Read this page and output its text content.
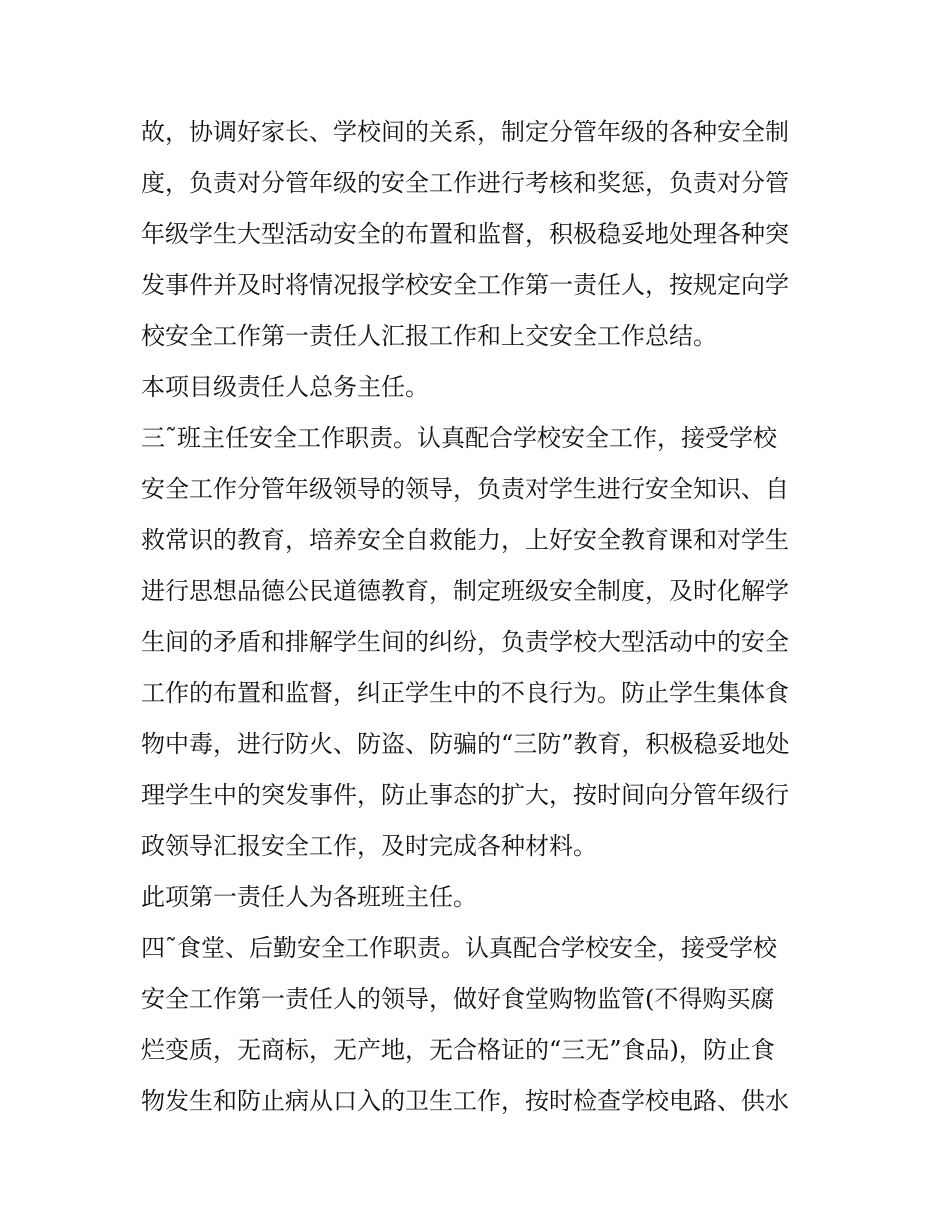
故，协调好家长、学校间的关系，制定分管年级的各种安全制
度，负责对分管年级的安全工作进行考核和奖惩，负责对分管
年级学生大型活动安全的布置和监督，积极稳妥地处理各种突
发事件并及时将情况报学校安全工作第一责任人，按规定向学
校安全工作第一责任人汇报工作和上交安全工作总结。
本项目级责任人总务主任。
三˜班主任安全工作职责。认真配合学校安全工作，接受学校
安全工作分管年级领导的领导，负责对学生进行安全知识、自
救常识的教育，培养安全自救能力，上好安全教育课和对学生
进行思想品德公民道德教育，制定班级安全制度，及时化解学
生间的矛盾和排解学生间的纠纷，负责学校大型活动中的安全
工作的布置和监督，纠正学生中的不良行为。防止学生集体食
物中毒，进行防火、防盗、防骗的“三防”教育，积极稳妥地处
理学生中的突发事件，防止事态的扩大，按时间向分管年级行
政领导汇报安全工作，及时完成各种材料。
此项第一责任人为各班班主任。
四˜食堂、后勤安全工作职责。认真配合学校安全，接受学校
安全工作第一责任人的领导，做好食堂购物监管(不得购买腐
烂变质，无商标，无产地，无合格证的“三无”食品)，防止食
物发生和防止病从口入的卫生工作，按时检查学校电路、供水
